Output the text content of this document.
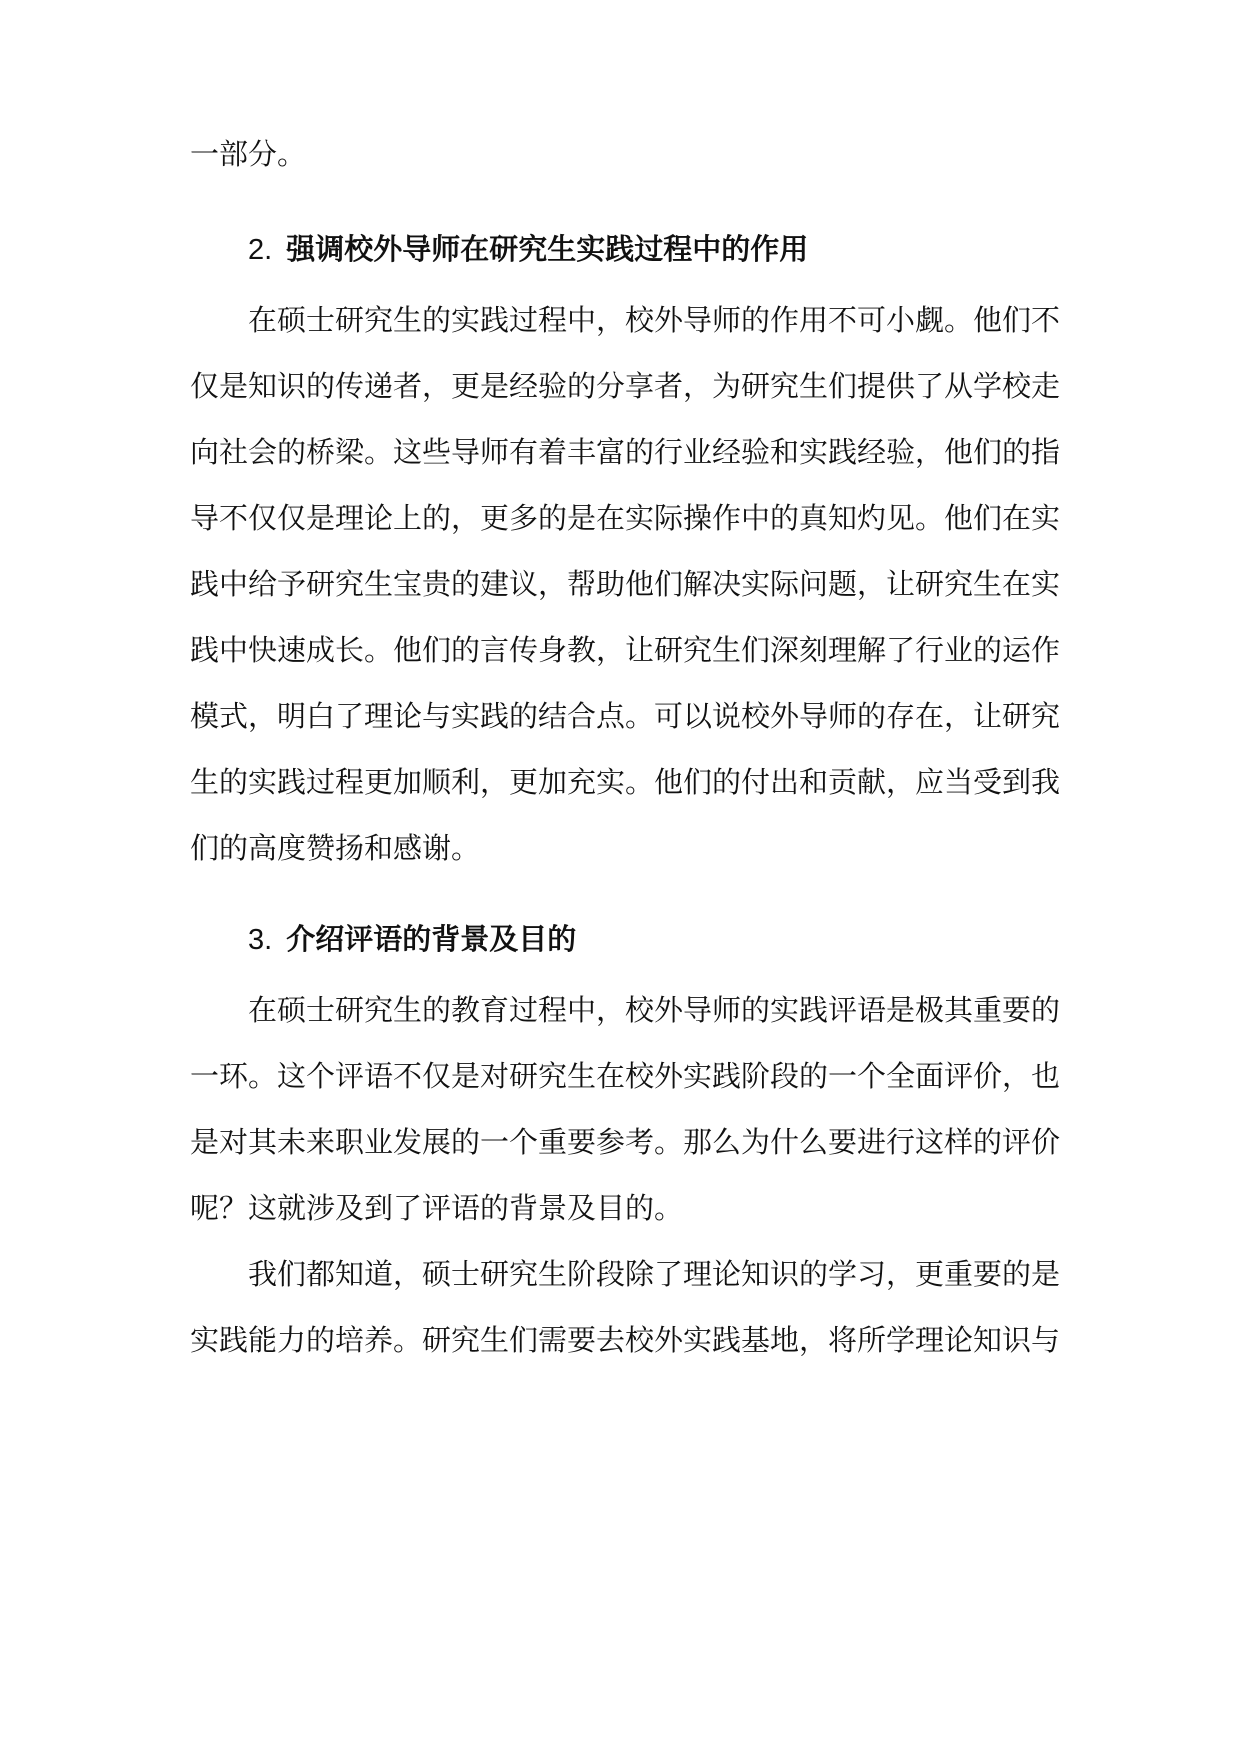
一部分。
2. 强调校外导师在研究生实践过程中的作用
在硕士研究生的实践过程中，校外导师的作用不可小觑。他们不
仅是知识的传递者，更是经验的分享者，为研究生们提供了从学校走
向社会的桥梁。这些导师有着丰富的行业经验和实践经验，他们的指
导不仅仅是理论上的，更多的是在实际操作中的真知灼见。他们在实
践中给予研究生宝贵的建议，帮助他们解决实际问题，让研究生在实
践中快速成长。他们的言传身教，让研究生们深刻理解了行业的运作
模式，明白了理论与实践的结合点。可以说校外导师的存在，让研究
生的实践过程更加顺利，更加充实。他们的付出和贡献，应当受到我
们的高度赞扬和感谢。
3. 介绍评语的背景及目的
在硕士研究生的教育过程中，校外导师的实践评语是极其重要的
一环。这个评语不仅是对研究生在校外实践阶段的一个全面评价，也
是对其未来职业发展的一个重要参考。那么为什么要进行这样的评价
呢？这就涉及到了评语的背景及目的。
我们都知道，硕士研究生阶段除了理论知识的学习，更重要的是
实践能力的培养。研究生们需要去校外实践基地，将所学理论知识与
